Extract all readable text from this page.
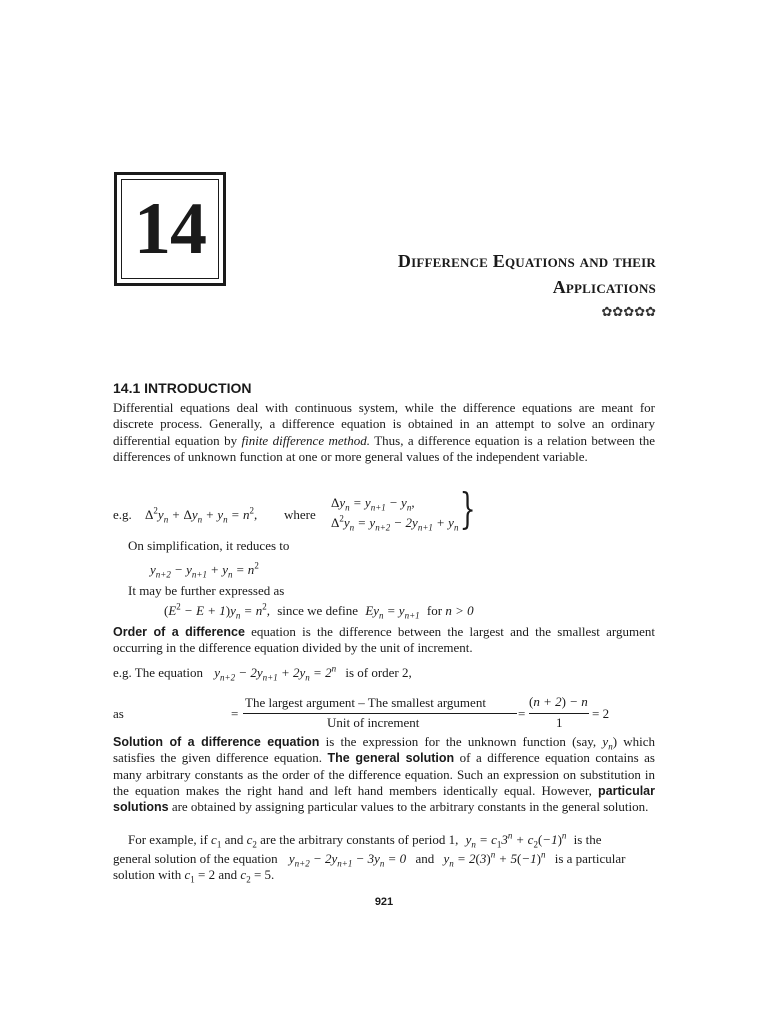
14	Difference Equations and their
Applications
✿✿✿✿✿
14.1 INTRODUCTION

Differential equations deal with continuous system, while the difference equations are meant for discrete process. Generally, a difference equation is obtained in an attempt to solve an ordinary differential equation by finite difference method. Thus, a difference equation is a relation between the differences of unknown function at one or more general values of the independent variable.

e.g. $\Delta^2y_n + \Delta y_n + y_n = n^2$, where
$\Delta y_n = y_{n+1} - y_n$,
$\Delta^2y_n = y_{n+2} - 2y_{n+1} + y_n$ }
On simplification, it reduces to
$y_{n+2} - y_{n+1} + y_n = n^2$
It may be further expressed as
$(E^2 - E + 1)y_n = n^2$, since we define $Ey_n = y_{n+1}$ for n > 0

Order of a difference equation is the difference between the largest and the smallest argument occurring in the difference equation divided by the unit of increment.

e.g. The equation $y_{n+2} - 2y_{n+1} + 2y_n = 2^n$ is of order 2,
as	=
The largest argument – The smallest argument
Unit of increment
=
(n + 2) − n
1
= 2

Solution of a difference equation is the expression for the unknown function (say, $y_n$) which satisfies the given difference equation. The general solution of a difference equation contains as many arbitrary constants as the order of the difference equation. Such an expression on substitution in the equation makes the right hand and left hand members identically equal. However, particular solutions are obtained by assigning particular values to the arbitrary constants in the general solution.

For example, if $c_1$ and $c_2$ are the arbitrary constants of period 1, $y_n = c_13^n + c_2(-1)^n$ is the
general solution of the equation $y_{n+2} - 2y_{n+1} - 3y_n = 0$ and $y_n = 2(3)^n + 5(-1)^n$ is a particular
solution with $c_1 = 2$ and $c_2 = 5$.
921
